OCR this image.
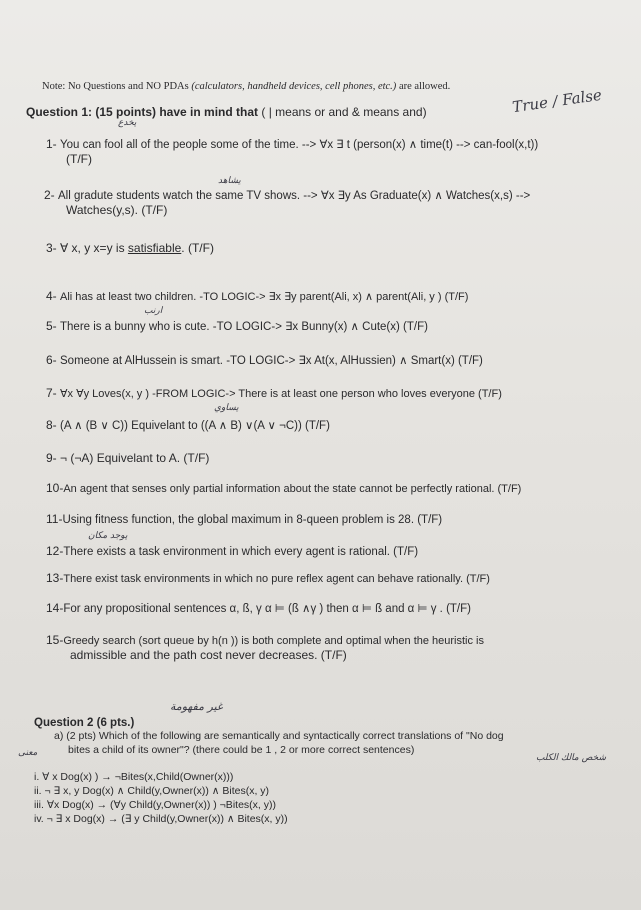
Note: No Questions and NO PDAs (calculators, handheld devices, cell phones, etc.) are allowed.
Question 1: (15 points) have in mind that ( | means or and & means and)	True / False
يخدع
1- You can fool all of the people some of the time. --> ∀x ∃ t (person(x) ∧ time(t) --> can-fool(x,t))
(T/F)
يشاهد
2- All gradute students watch the same TV shows. --> ∀x ∃y As Graduate(x) ∧ Watches(x,s) -->
Watches(y,s). (T/F)
3- ∀ x, y x=y is satisfiable. (T/F)
4- Ali has at least two children. -TO LOGIC-> ∃x ∃y parent(Ali, x) ∧ parent(Ali, y ) (T/F)
ارنب
5- There is a bunny who is cute. -TO LOGIC-> ∃x Bunny(x) ∧ Cute(x) (T/F)
6- Someone at AlHussein is smart. -TO LOGIC-> ∃x At(x, AlHussien) ∧ Smart(x) (T/F)
7- ∀x ∀y Loves(x, y ) -FROM LOGIC-> There is at least one person who loves everyone (T/F)
يساوي
8- (A ∧ (B ∨ C)) Equivelant to ((A ∧ B) ∨(A ∨ ¬C)) (T/F)
9- ¬ (¬A) Equivelant to A. (T/F)
10-An agent that senses only partial information about the state cannot be perfectly rational. (T/F)
11-Using fitness function, the global maximum in 8-queen problem is 28. (T/F)
يوجد مكان
12-There exists a task environment in which every agent is rational. (T/F)
13-There exist task environments in which no pure reflex agent can behave rationally. (T/F)
14-For any propositional sentences α, ß, γ α ⊨ (ß ∧γ ) then α ⊨ ß and α ⊨ γ . (T/F)
15-Greedy search (sort queue by h(n )) is both complete and optimal when the heuristic is
admissible and the path cost never decreases. (T/F)
غير مفهومة
Question 2 (6 pts.)
a) (2 pts) Which of the following are semantically and syntactically correct translations of "No dog
bites a child of its owner"? (there could be 1 , 2 or more correct sentences)
معنى	شخص مالك الكلب
i. ∀ x Dog(x) ) → ¬Bites(x,Child(Owner(x)))
ii. ¬ ∃ x, y Dog(x) ∧ Child(y,Owner(x)) ∧ Bites(x, y)
iii. ∀x Dog(x) → (∀y Child(y,Owner(x)) ) ¬Bites(x, y))
iv. ¬ ∃ x Dog(x) → (∃ y Child(y,Owner(x)) ∧ Bites(x, y))
